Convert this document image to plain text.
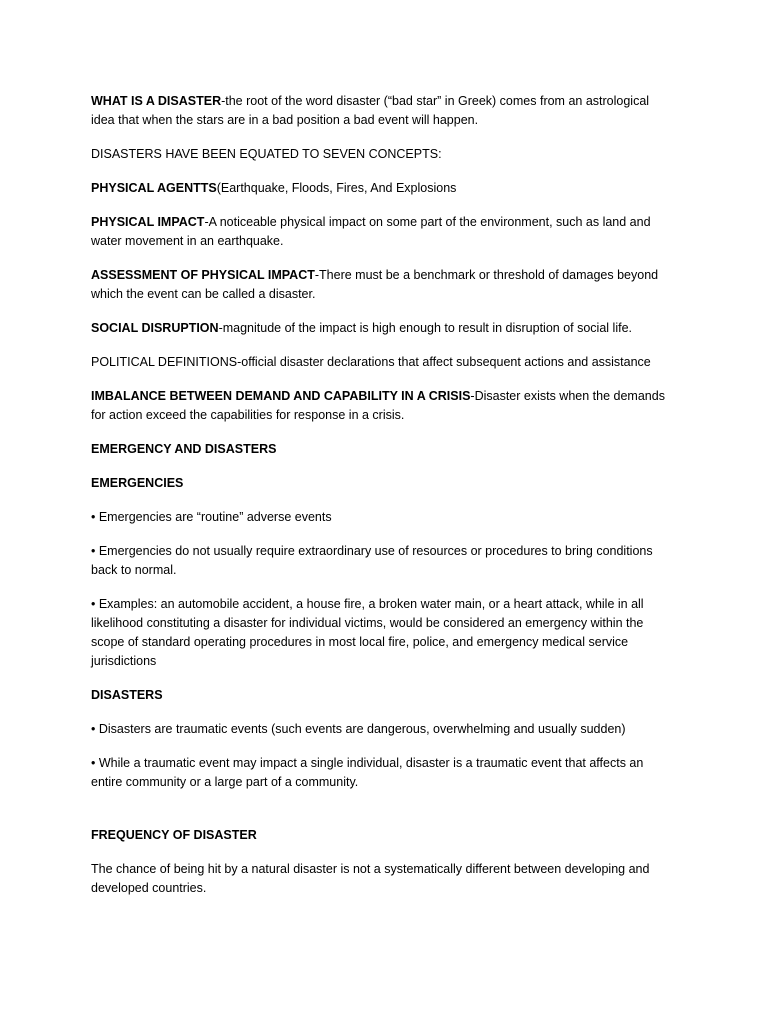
WHAT IS A DISASTER-the root of the word disaster (“bad star” in Greek) comes from an astrological idea that when the stars are in a bad position a bad event will happen.

DISASTERS HAVE BEEN EQUATED TO SEVEN CONCEPTS:

PHYSICAL AGENTTS(Earthquake, Floods, Fires, And Explosions

PHYSICAL IMPACT-A noticeable physical impact on some part of the environment, such as land and water movement in an earthquake.

ASSESSMENT OF PHYSICAL IMPACT-There must be a benchmark or threshold of damages beyond which the event can be called a disaster.

SOCIAL DISRUPTION-magnitude of the impact is high enough to result in disruption of social life.

POLITICAL DEFINITIONS-official disaster declarations that affect subsequent actions and assistance

IMBALANCE BETWEEN DEMAND AND CAPABILITY IN A CRISIS-Disaster exists when the demands for action exceed the capabilities for response in a crisis.

EMERGENCY AND DISASTERS

EMERGENCIES

• Emergencies are “routine” adverse events

• Emergencies do not usually require extraordinary use of resources or procedures to bring conditions back to normal.

• Examples: an automobile accident, a house fire, a broken water main, or a heart attack, while in all likelihood constituting a disaster for individual victims, would be considered an emergency within the scope of standard operating procedures in most local fire, police, and emergency medical service jurisdictions

DISASTERS

• Disasters are traumatic events (such events are dangerous, overwhelming and usually sudden)

• While a traumatic event may impact a single individual, disaster is a traumatic event that affects an entire community or a large part of a community.

FREQUENCY OF DISASTER

The chance of being hit by a natural disaster is not a systematically different between developing and developed countries.
